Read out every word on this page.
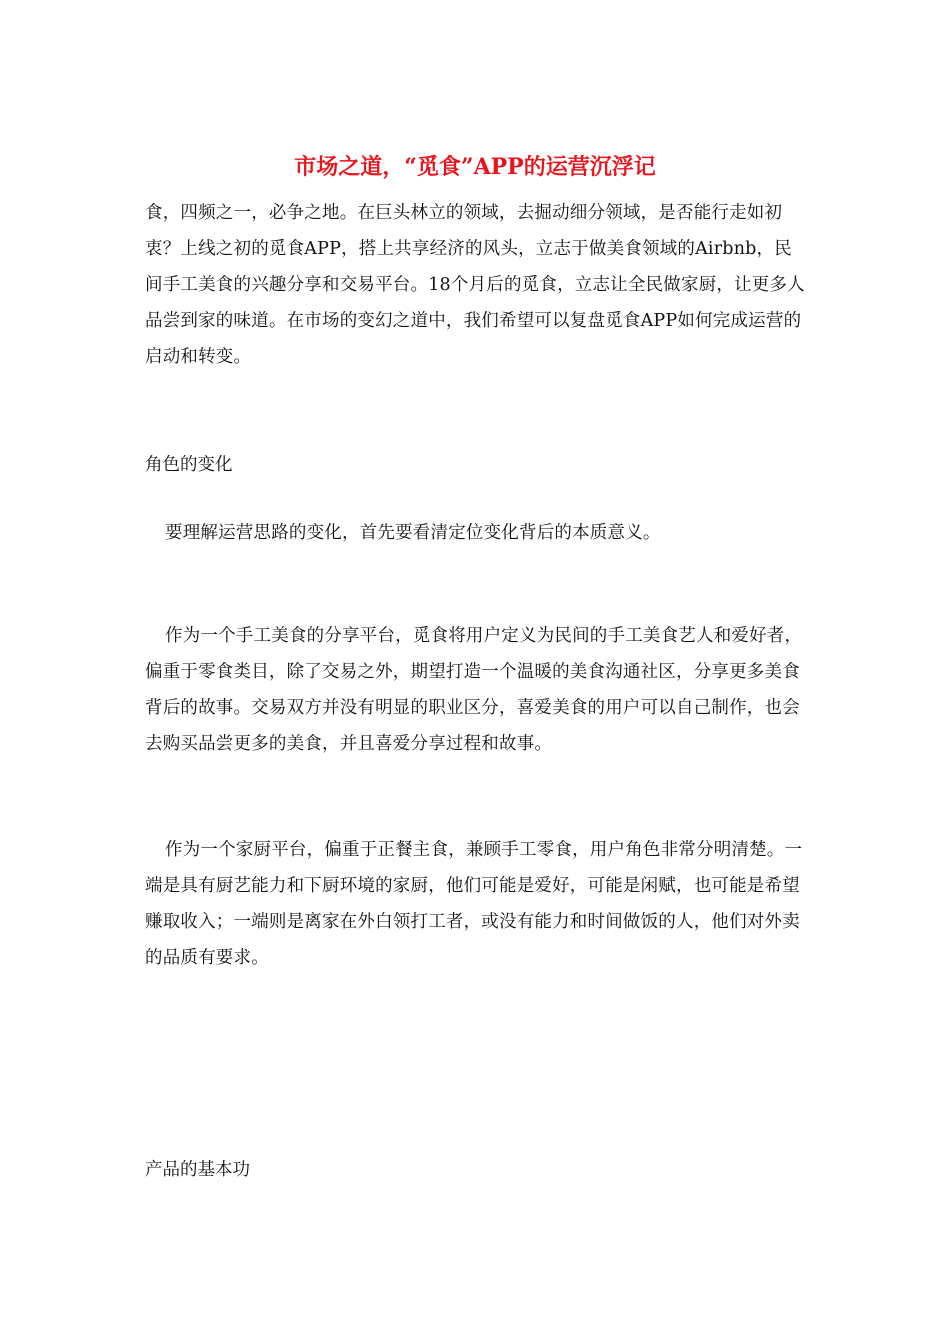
市场之道，“觅食”APP的运营沉浮记

食，四频之一，必争之地。在巨头林立的领域，去掘动细分领域，是否能行走如初衷？上线之初的觅食APP，搭上共享经济的风头，立志于做美食领域的Airbnb，民间手工美食的兴趣分享和交易平台。18个月后的觅食，立志让全民做家厨，让更多人品尝到家的味道。在市场的变幻之道中，我们希望可以复盘觅食APP如何完成运营的启动和转变。

角色的变化

要理解运营思路的变化，首先要看清定位变化背后的本质意义。

作为一个手工美食的分享平台，觅食将用户定义为民间的手工美食艺人和爱好者，偏重于零食类目，除了交易之外，期望打造一个温暖的美食沟通社区，分享更多美食背后的故事。交易双方并没有明显的职业区分，喜爱美食的用户可以自己制作，也会去购买品尝更多的美食，并且喜爱分享过程和故事。

作为一个家厨平台，偏重于正餐主食，兼顾手工零食，用户角色非常分明清楚。一端是具有厨艺能力和下厨环境的家厨，他们可能是爱好，可能是闲赋，也可能是希望赚取收入；一端则是离家在外白领打工者，或没有能力和时间做饭的人，他们对外卖的品质有要求。

产品的基本功
